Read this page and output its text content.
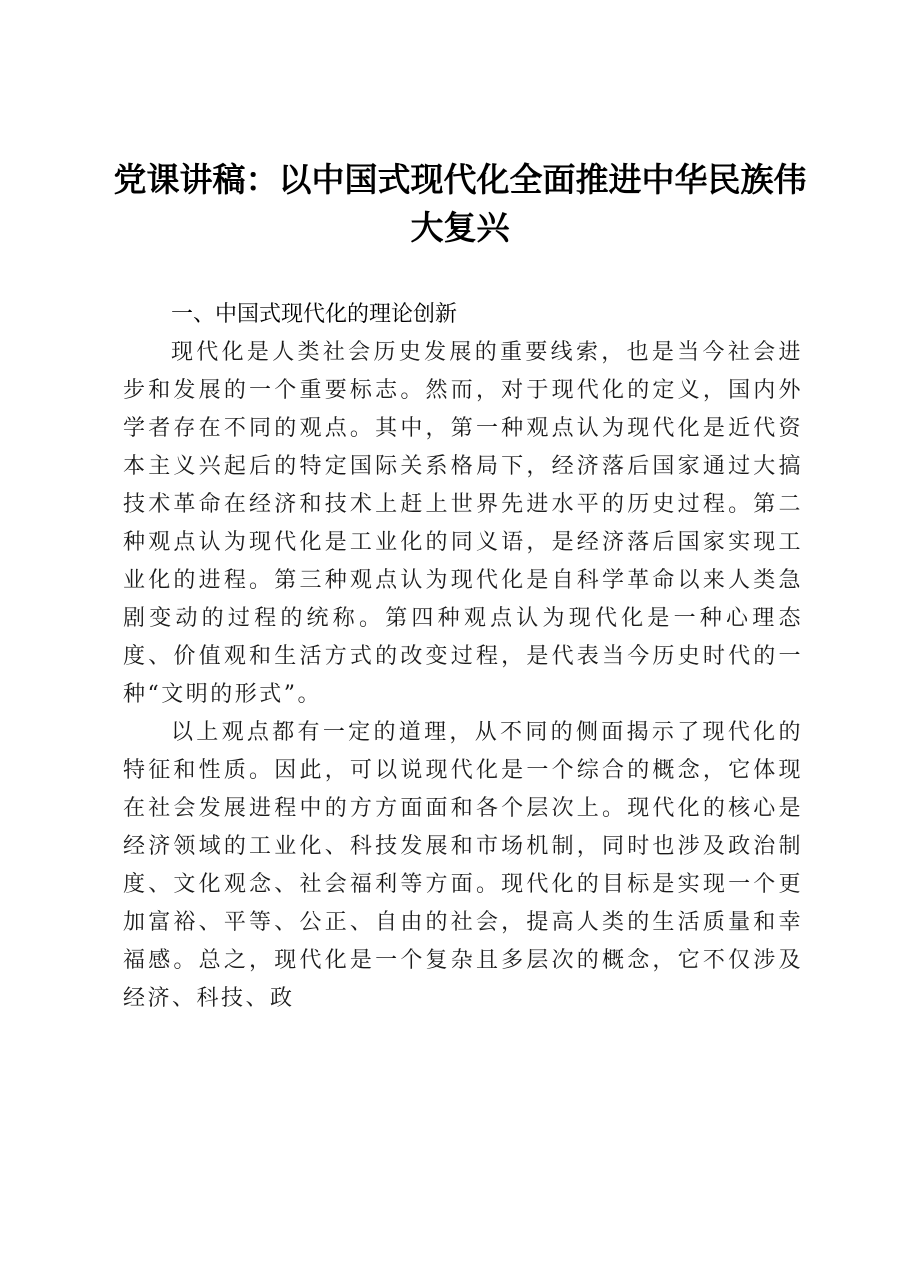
党课讲稿：以中国式现代化全面推进中华民族伟大复兴
一、中国式现代化的理论创新

现代化是人类社会历史发展的重要线索，也是当今社会进步和发展的一个重要标志。然而，对于现代化的定义，国内外学者存在不同的观点。其中，第一种观点认为现代化是近代资本主义兴起后的特定国际关系格局下，经济落后国家通过大搞技术革命在经济和技术上赶上世界先进水平的历史过程。第二种观点认为现代化是工业化的同义语，是经济落后国家实现工业化的进程。第三种观点认为现代化是自科学革命以来人类急剧变动的过程的统称。第四种观点认为现代化是一种心理态度、价值观和生活方式的改变过程，是代表当今历史时代的一种“文明的形式”。

以上观点都有一定的道理，从不同的侧面揭示了现代化的特征和性质。因此，可以说现代化是一个综合的概念，它体现在社会发展进程中的方方面面和各个层次上。现代化的核心是经济领域的工业化、科技发展和市场机制，同时也涉及政治制度、文化观念、社会福利等方面。现代化的目标是实现一个更加富裕、平等、公正、自由的社会，提高人类的生活质量和幸福感。总之，现代化是一个复杂且多层次的概念，它不仅涉及经济、科技、政
